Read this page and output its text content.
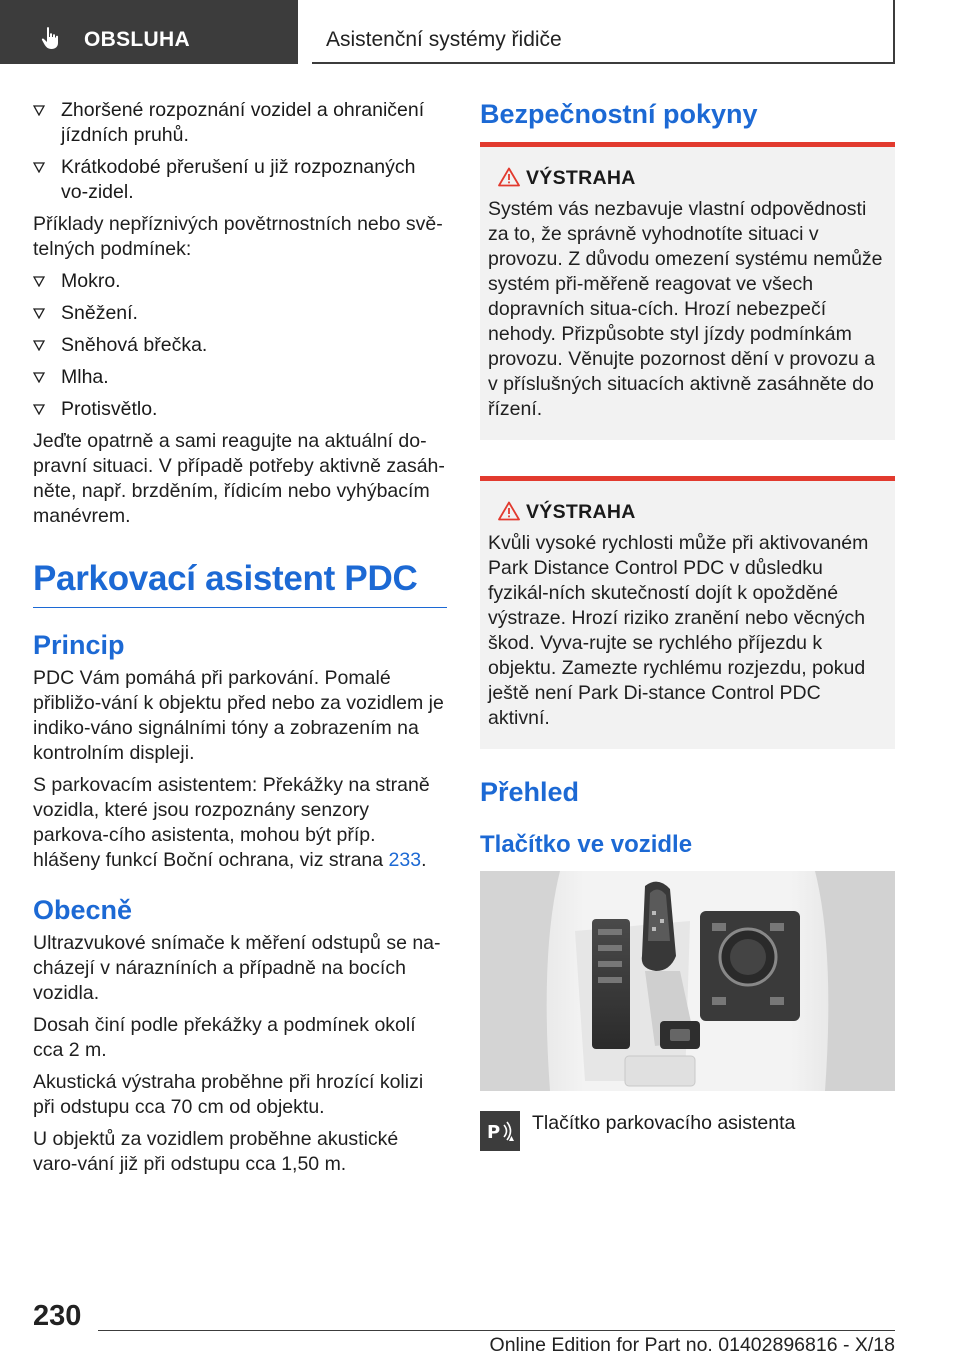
OBSLUHA	Asistenční systémy řidiče
Zhoršené rozpoznání vozidel a ohraničení jízdních pruhů.
Krátkodobé přerušení u již rozpoznaných vo‐zidel.

Příklady nepříznivých povětrnostních nebo svě‐telných podmínek:

Mokro.
Sněžení.
Sněhová břečka.
Mlha.
Protisvětlo.

Jeďte opatrně a sami reagujte na aktuální do‐pravní situaci. V případě potřeby aktivně zasáh‐něte, např. brzděním, řídicím nebo vyhýbacím manévrem.

Parkovací asistent PDC
Princip

PDC Vám pomáhá při parkování. Pomalé přibližo‐vání k objektu před nebo za vozidlem je indiko‐váno signálními tóny a zobrazením na kontrolním displeji.

S parkovacím asistentem: Překážky na straně vozidla, které jsou rozpoznány senzory parkova‐cího asistenta, mohou být příp. hlášeny funkcí Boční ochrana, viz strana 233.

Obecně

Ultrazvukové snímače k měření odstupů se na‐cházejí v nárazníních a případně na bocích vozidla.

Dosah činí podle překážky a podmínek okolí cca 2 m.

Akustická výstraha proběhne při hrozící kolizi při odstupu cca 70 cm od objektu.

U objektů za vozidlem proběhne akustické varo‐vání již při odstupu cca 1,50 m.

Bezpečnostní pokyny
VÝSTRAHA

Systém vás nezbavuje vlastní odpovědnosti za to, že správně vyhodnotíte situaci v provozu. Z důvodu omezení systému nemůže systém při‐měřeně reagovat ve všech dopravních situa‐cích. Hrozí nebezpečí nehody. Přizpůsobte styl jízdy podmínkám provozu. Věnujte pozornost dění v provozu a v příslušných situacích aktivně zasáhněte do řízení.

VÝSTRAHA

Kvůli vysoké rychlosti může při aktivovaném Park Distance Control PDC v důsledku fyzikál‐ních skutečností dojít k opožděné výstraze. Hrozí riziko zranění nebo věcných škod. Vyva‐rujte se rychlého příjezdu k objektu. Zamezte rychlému rozjezdu, pokud ještě není Park Di‐stance Control PDC aktivní.

Přehled
Tlačítko ve vozidle
P Tlačítko parkovacího asistenta
230
Online Edition for Part no. 01402896816 - X/18
